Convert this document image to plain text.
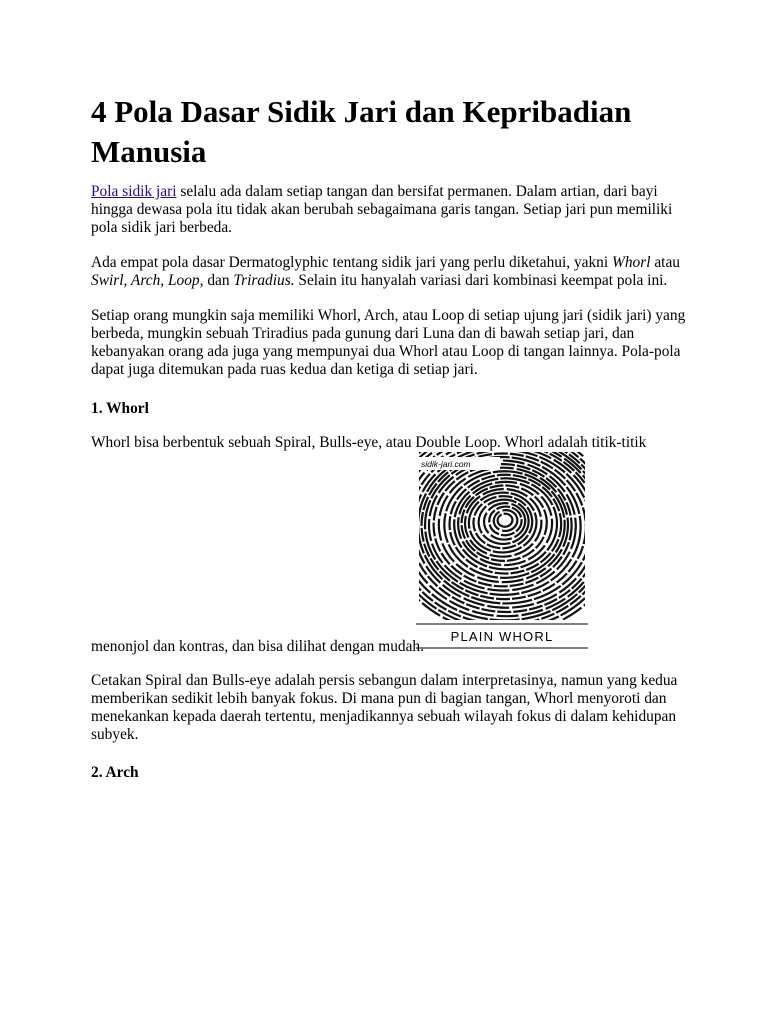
4 Pola Dasar Sidik Jari dan Kepribadian Manusia

Pola sidik jari selalu ada dalam setiap tangan dan bersifat permanen. Dalam artian, dari bayi hingga dewasa pola itu tidak akan berubah sebagaimana garis tangan. Setiap jari pun memiliki pola sidik jari berbeda.

Ada empat pola dasar Dermatoglyphic tentang sidik jari yang perlu diketahui, yakni Whorl atau Swirl, Arch, Loop, dan Triradius. Selain itu hanyalah variasi dari kombinasi keempat pola ini.

Setiap orang mungkin saja memiliki Whorl, Arch, atau Loop di setiap ujung jari (sidik jari) yang berbeda, mungkin sebuah Triradius pada gunung dari Luna dan di bawah setiap jari, dan kebanyakan orang ada juga yang mempunyai dua Whorl atau Loop di tangan lainnya. Pola-pola dapat juga ditemukan pada ruas kedua dan ketiga di setiap jari.

1. Whorl

Whorl bisa berbentuk sebuah Spiral, Bulls-eye, atau Double Loop. Whorl adalah titik-titik

sidik-jari.com
PLAIN WHORL
menonjol dan kontras, dan bisa dilihat dengan mudah.

Cetakan Spiral dan Bulls-eye adalah persis sebangun dalam interpretasinya, namun yang kedua memberikan sedikit lebih banyak fokus. Di mana pun di bagian tangan, Whorl menyoroti dan menekankan kepada daerah tertentu, menjadikannya sebuah wilayah fokus di dalam kehidupan subyek.

2. Arch
